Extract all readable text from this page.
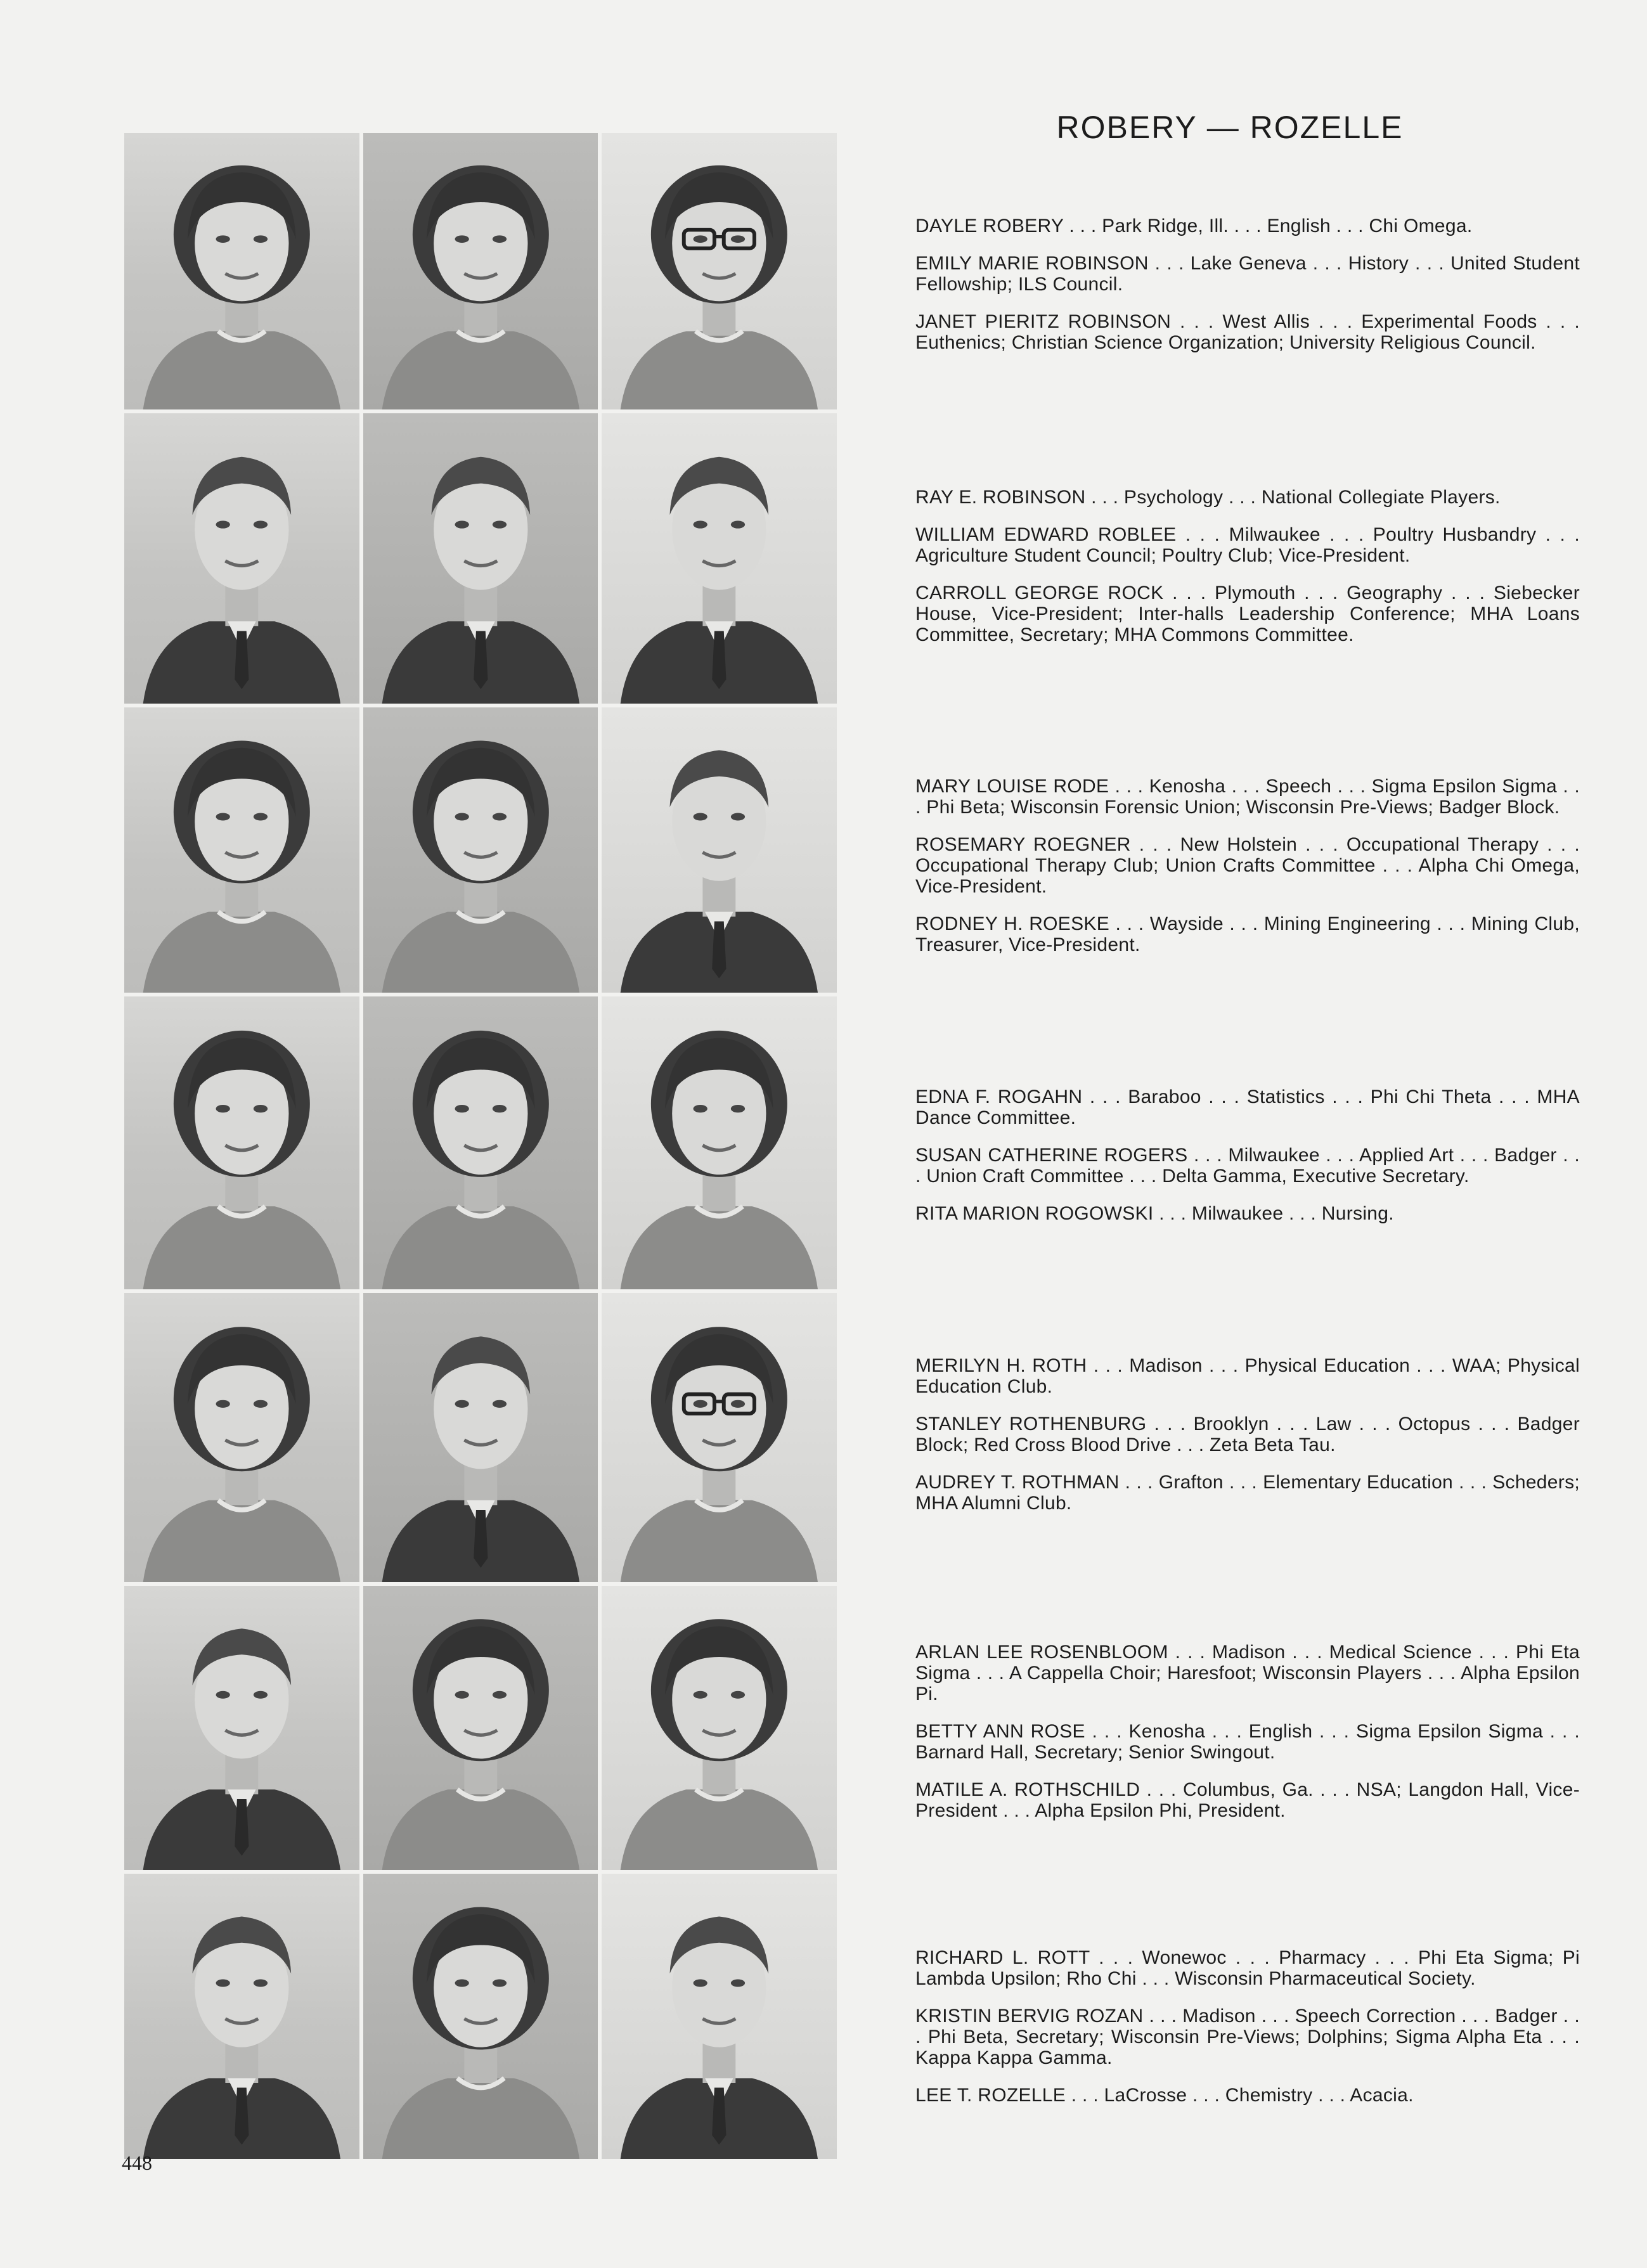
ROBERY — ROZELLE
DAYLE ROBERY . . . Park Ridge, Ill. . . . English . . . Chi Omega.
EMILY MARIE ROBINSON . . . Lake Geneva . . . History . . . United Student Fellowship; ILS Council.
JANET PIERITZ ROBINSON . . . West Allis . . . Experimental Foods . . . Euthenics; Christian Science Organization; University Religious Council.
RAY E. ROBINSON . . . Psychology . . . National Collegiate Players.
WILLIAM EDWARD ROBLEE . . . Milwaukee . . . Poultry Husbandry . . . Agriculture Student Council; Poultry Club; Vice-President.
CARROLL GEORGE ROCK . . . Plymouth . . . Geography . . . Siebecker House, Vice-President; Inter-halls Leadership Conference; MHA Loans Committee, Secretary; MHA Commons Committee.
MARY LOUISE RODE . . . Kenosha . . . Speech . . . Sigma Epsilon Sigma . . . Phi Beta; Wisconsin Forensic Union; Wisconsin Pre-Views; Badger Block.
ROSEMARY ROEGNER . . . New Holstein . . . Occupational Therapy . . . Occupational Therapy Club; Union Crafts Committee . . . Alpha Chi Omega, Vice-President.
RODNEY H. ROESKE . . . Wayside . . . Mining Engineering . . . Mining Club, Treasurer, Vice-President.
EDNA F. ROGAHN . . . Baraboo . . . Statistics . . . Phi Chi Theta . . . MHA Dance Committee.
SUSAN CATHERINE ROGERS . . . Milwaukee . . . Applied Art . . . Badger . . . Union Craft Committee . . . Delta Gamma, Executive Secretary.
RITA MARION ROGOWSKI . . . Milwaukee . . . Nursing.
MERILYN H. ROTH . . . Madison . . . Physical Education . . . WAA; Physical Education Club.
STANLEY ROTHENBURG . . . Brooklyn . . . Law . . . Octopus . . . Badger Block; Red Cross Blood Drive . . . Zeta Beta Tau.
AUDREY T. ROTHMAN . . . Grafton . . . Elementary Education . . . Scheders; MHA Alumni Club.
ARLAN LEE ROSENBLOOM . . . Madison . . . Medical Science . . . Phi Eta Sigma . . . A Cappella Choir; Haresfoot; Wisconsin Players . . . Alpha Epsilon Pi.
BETTY ANN ROSE . . . Kenosha . . . English . . . Sigma Epsilon Sigma . . . Barnard Hall, Secretary; Senior Swingout.
MATILE A. ROTHSCHILD . . . Columbus, Ga. . . . NSA; Langdon Hall, Vice-President . . . Alpha Epsilon Phi, President.
RICHARD L. ROTT . . . Wonewoc . . . Pharmacy . . . Phi Eta Sigma; Pi Lambda Upsilon; Rho Chi . . . Wisconsin Pharmaceutical Society.
KRISTIN BERVIG ROZAN . . . Madison . . . Speech Correction . . . Badger . . . Phi Beta, Secretary; Wisconsin Pre-Views; Dolphins; Sigma Alpha Eta . . . Kappa Kappa Gamma.
LEE T. ROZELLE . . . LaCrosse . . . Chemistry . . . Acacia.
448
